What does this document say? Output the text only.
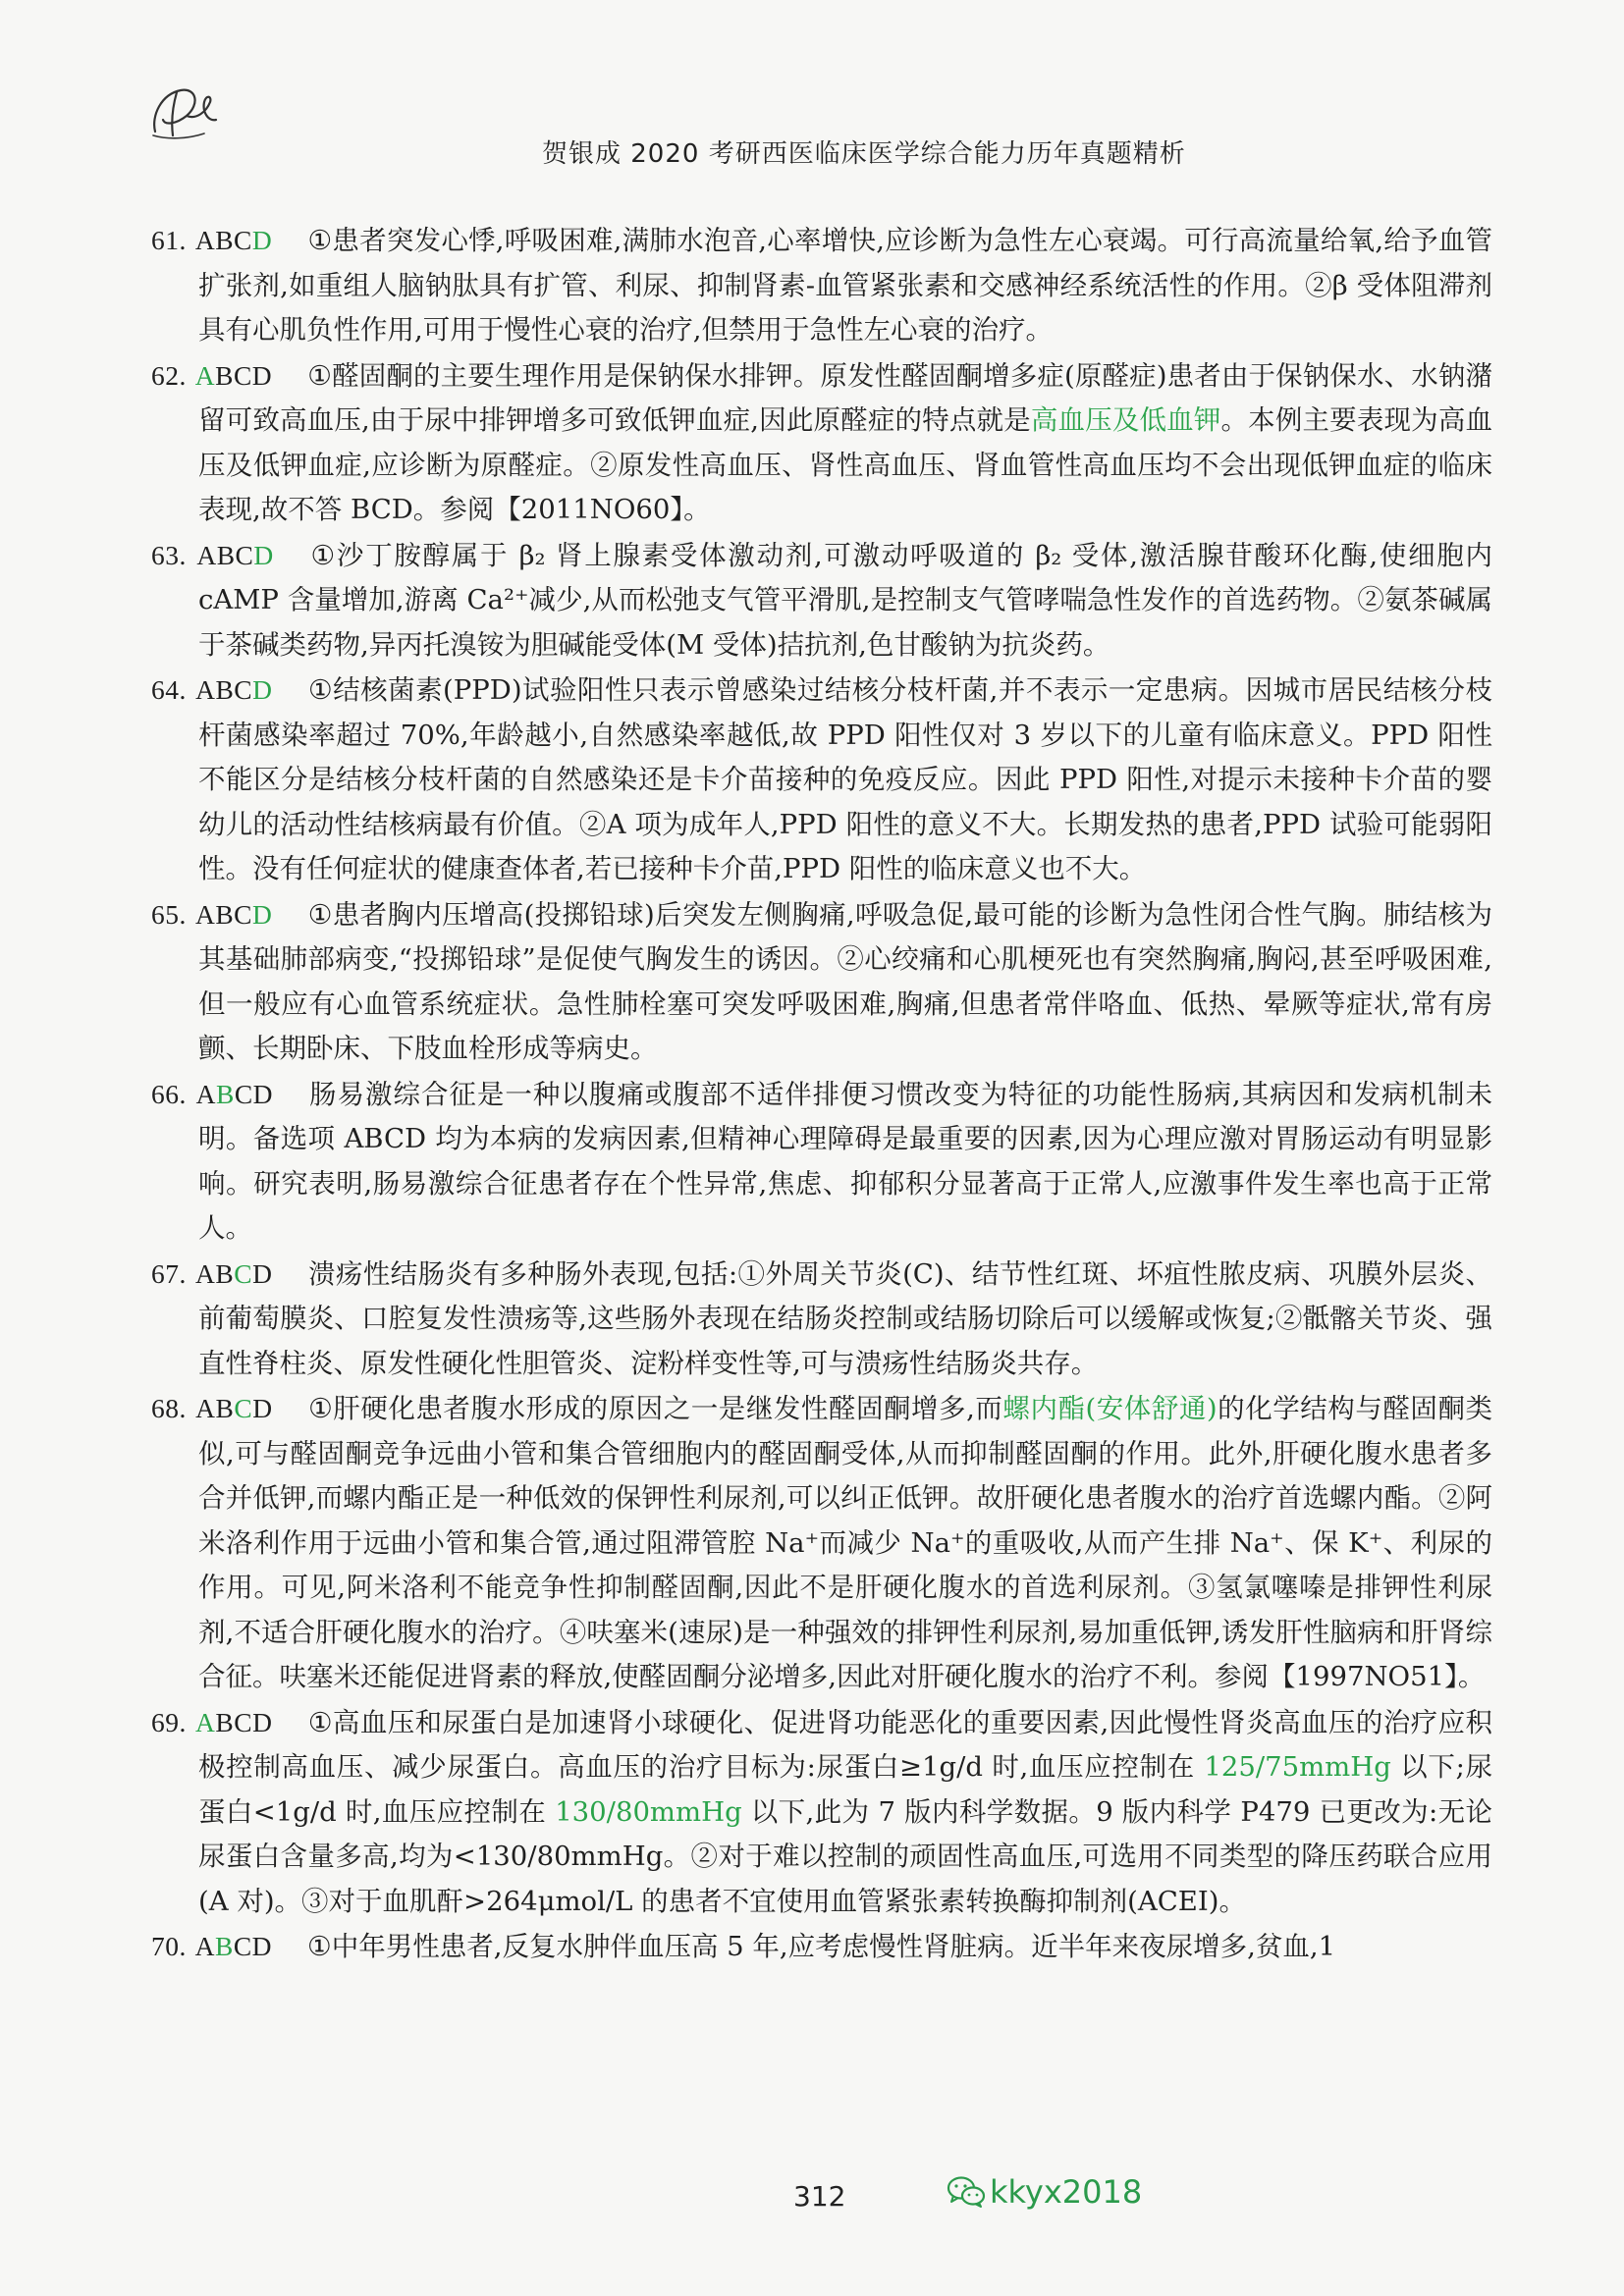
贺银成 2020 考研西医临床医学综合能力历年真题精析

61. ABCD ①患者突发心悸,呼吸困难,满肺水泡音,心率增快,应诊断为急性左心衰竭。可行高流量给氧,给予血管扩张剂,如重组人脑钠肽具有扩管、利尿、抑制肾素-血管紧张素和交感神经系统活性的作用。②β 受体阻滞剂具有心肌负性作用,可用于慢性心衰的治疗,但禁用于急性左心衰的治疗。

62. ABCD ①醛固酮的主要生理作用是保钠保水排钾。原发性醛固酮增多症(原醛症)患者由于保钠保水、水钠潴留可致高血压,由于尿中排钾增多可致低钾血症,因此原醛症的特点就是高血压及低血钾。本例主要表现为高血压及低钾血症,应诊断为原醛症。②原发性高血压、肾性高血压、肾血管性高血压均不会出现低钾血症的临床表现,故不答 BCD。参阅【2011NO60】。

63. ABCD ①沙丁胺醇属于 β₂ 肾上腺素受体激动剂,可激动呼吸道的 β₂ 受体,激活腺苷酸环化酶,使细胞内 cAMP 含量增加,游离 Ca²⁺减少,从而松弛支气管平滑肌,是控制支气管哮喘急性发作的首选药物。②氨茶碱属于茶碱类药物,异丙托溴铵为胆碱能受体(M 受体)拮抗剂,色甘酸钠为抗炎药。

64. ABCD ①结核菌素(PPD)试验阳性只表示曾感染过结核分枝杆菌,并不表示一定患病。因城市居民结核分枝杆菌感染率超过 70%,年龄越小,自然感染率越低,故 PPD 阳性仅对 3 岁以下的儿童有临床意义。PPD 阳性不能区分是结核分枝杆菌的自然感染还是卡介苗接种的免疫反应。因此 PPD 阳性,对提示未接种卡介苗的婴幼儿的活动性结核病最有价值。②A 项为成年人,PPD 阳性的意义不大。长期发热的患者,PPD 试验可能弱阳性。没有任何症状的健康查体者,若已接种卡介苗,PPD 阳性的临床意义也不大。

65. ABCD ①患者胸内压增高(投掷铅球)后突发左侧胸痛,呼吸急促,最可能的诊断为急性闭合性气胸。肺结核为其基础肺部病变,“投掷铅球”是促使气胸发生的诱因。②心绞痛和心肌梗死也有突然胸痛,胸闷,甚至呼吸困难,但一般应有心血管系统症状。急性肺栓塞可突发呼吸困难,胸痛,但患者常伴咯血、低热、晕厥等症状,常有房颤、长期卧床、下肢血栓形成等病史。

66. ABCD 肠易激综合征是一种以腹痛或腹部不适伴排便习惯改变为特征的功能性肠病,其病因和发病机制未明。备选项 ABCD 均为本病的发病因素,但精神心理障碍是最重要的因素,因为心理应激对胃肠运动有明显影响。研究表明,肠易激综合征患者存在个性异常,焦虑、抑郁积分显著高于正常人,应激事件发生率也高于正常人。

67. ABCD 溃疡性结肠炎有多种肠外表现,包括:①外周关节炎(C)、结节性红斑、坏疽性脓皮病、巩膜外层炎、前葡萄膜炎、口腔复发性溃疡等,这些肠外表现在结肠炎控制或结肠切除后可以缓解或恢复;②骶髂关节炎、强直性脊柱炎、原发性硬化性胆管炎、淀粉样变性等,可与溃疡性结肠炎共存。

68. ABCD ①肝硬化患者腹水形成的原因之一是继发性醛固酮增多,而螺内酯(安体舒通)的化学结构与醛固酮类似,可与醛固酮竞争远曲小管和集合管细胞内的醛固酮受体,从而抑制醛固酮的作用。此外,肝硬化腹水患者多合并低钾,而螺内酯正是一种低效的保钾性利尿剂,可以纠正低钾。故肝硬化患者腹水的治疗首选螺内酯。②阿米洛利作用于远曲小管和集合管,通过阻滞管腔 Na⁺而减少 Na⁺的重吸收,从而产生排 Na⁺、保 K⁺、利尿的作用。可见,阿米洛利不能竞争性抑制醛固酮,因此不是肝硬化腹水的首选利尿剂。③氢氯噻嗪是排钾性利尿剂,不适合肝硬化腹水的治疗。④呋塞米(速尿)是一种强效的排钾性利尿剂,易加重低钾,诱发肝性脑病和肝肾综合征。呋塞米还能促进肾素的释放,使醛固酮分泌增多,因此对肝硬化腹水的治疗不利。参阅【1997NO51】。

69. ABCD ①高血压和尿蛋白是加速肾小球硬化、促进肾功能恶化的重要因素,因此慢性肾炎高血压的治疗应积极控制高血压、减少尿蛋白。高血压的治疗目标为:尿蛋白≥1g/d 时,血压应控制在 125/75mmHg 以下;尿蛋白<1g/d 时,血压应控制在 130/80mmHg 以下,此为 7 版内科学数据。9 版内科学 P479 已更改为:无论尿蛋白含量多高,均为<130/80mmHg。②对于难以控制的顽固性高血压,可选用不同类型的降压药联合应用(A 对)。③对于血肌酐>264μmol/L 的患者不宜使用血管紧张素转换酶抑制剂(ACEI)。

70. ABCD ①中年男性患者,反复水肿伴血压高 5 年,应考虑慢性肾脏病。近半年来夜尿增多,贫血,1

312	kkyx2018
